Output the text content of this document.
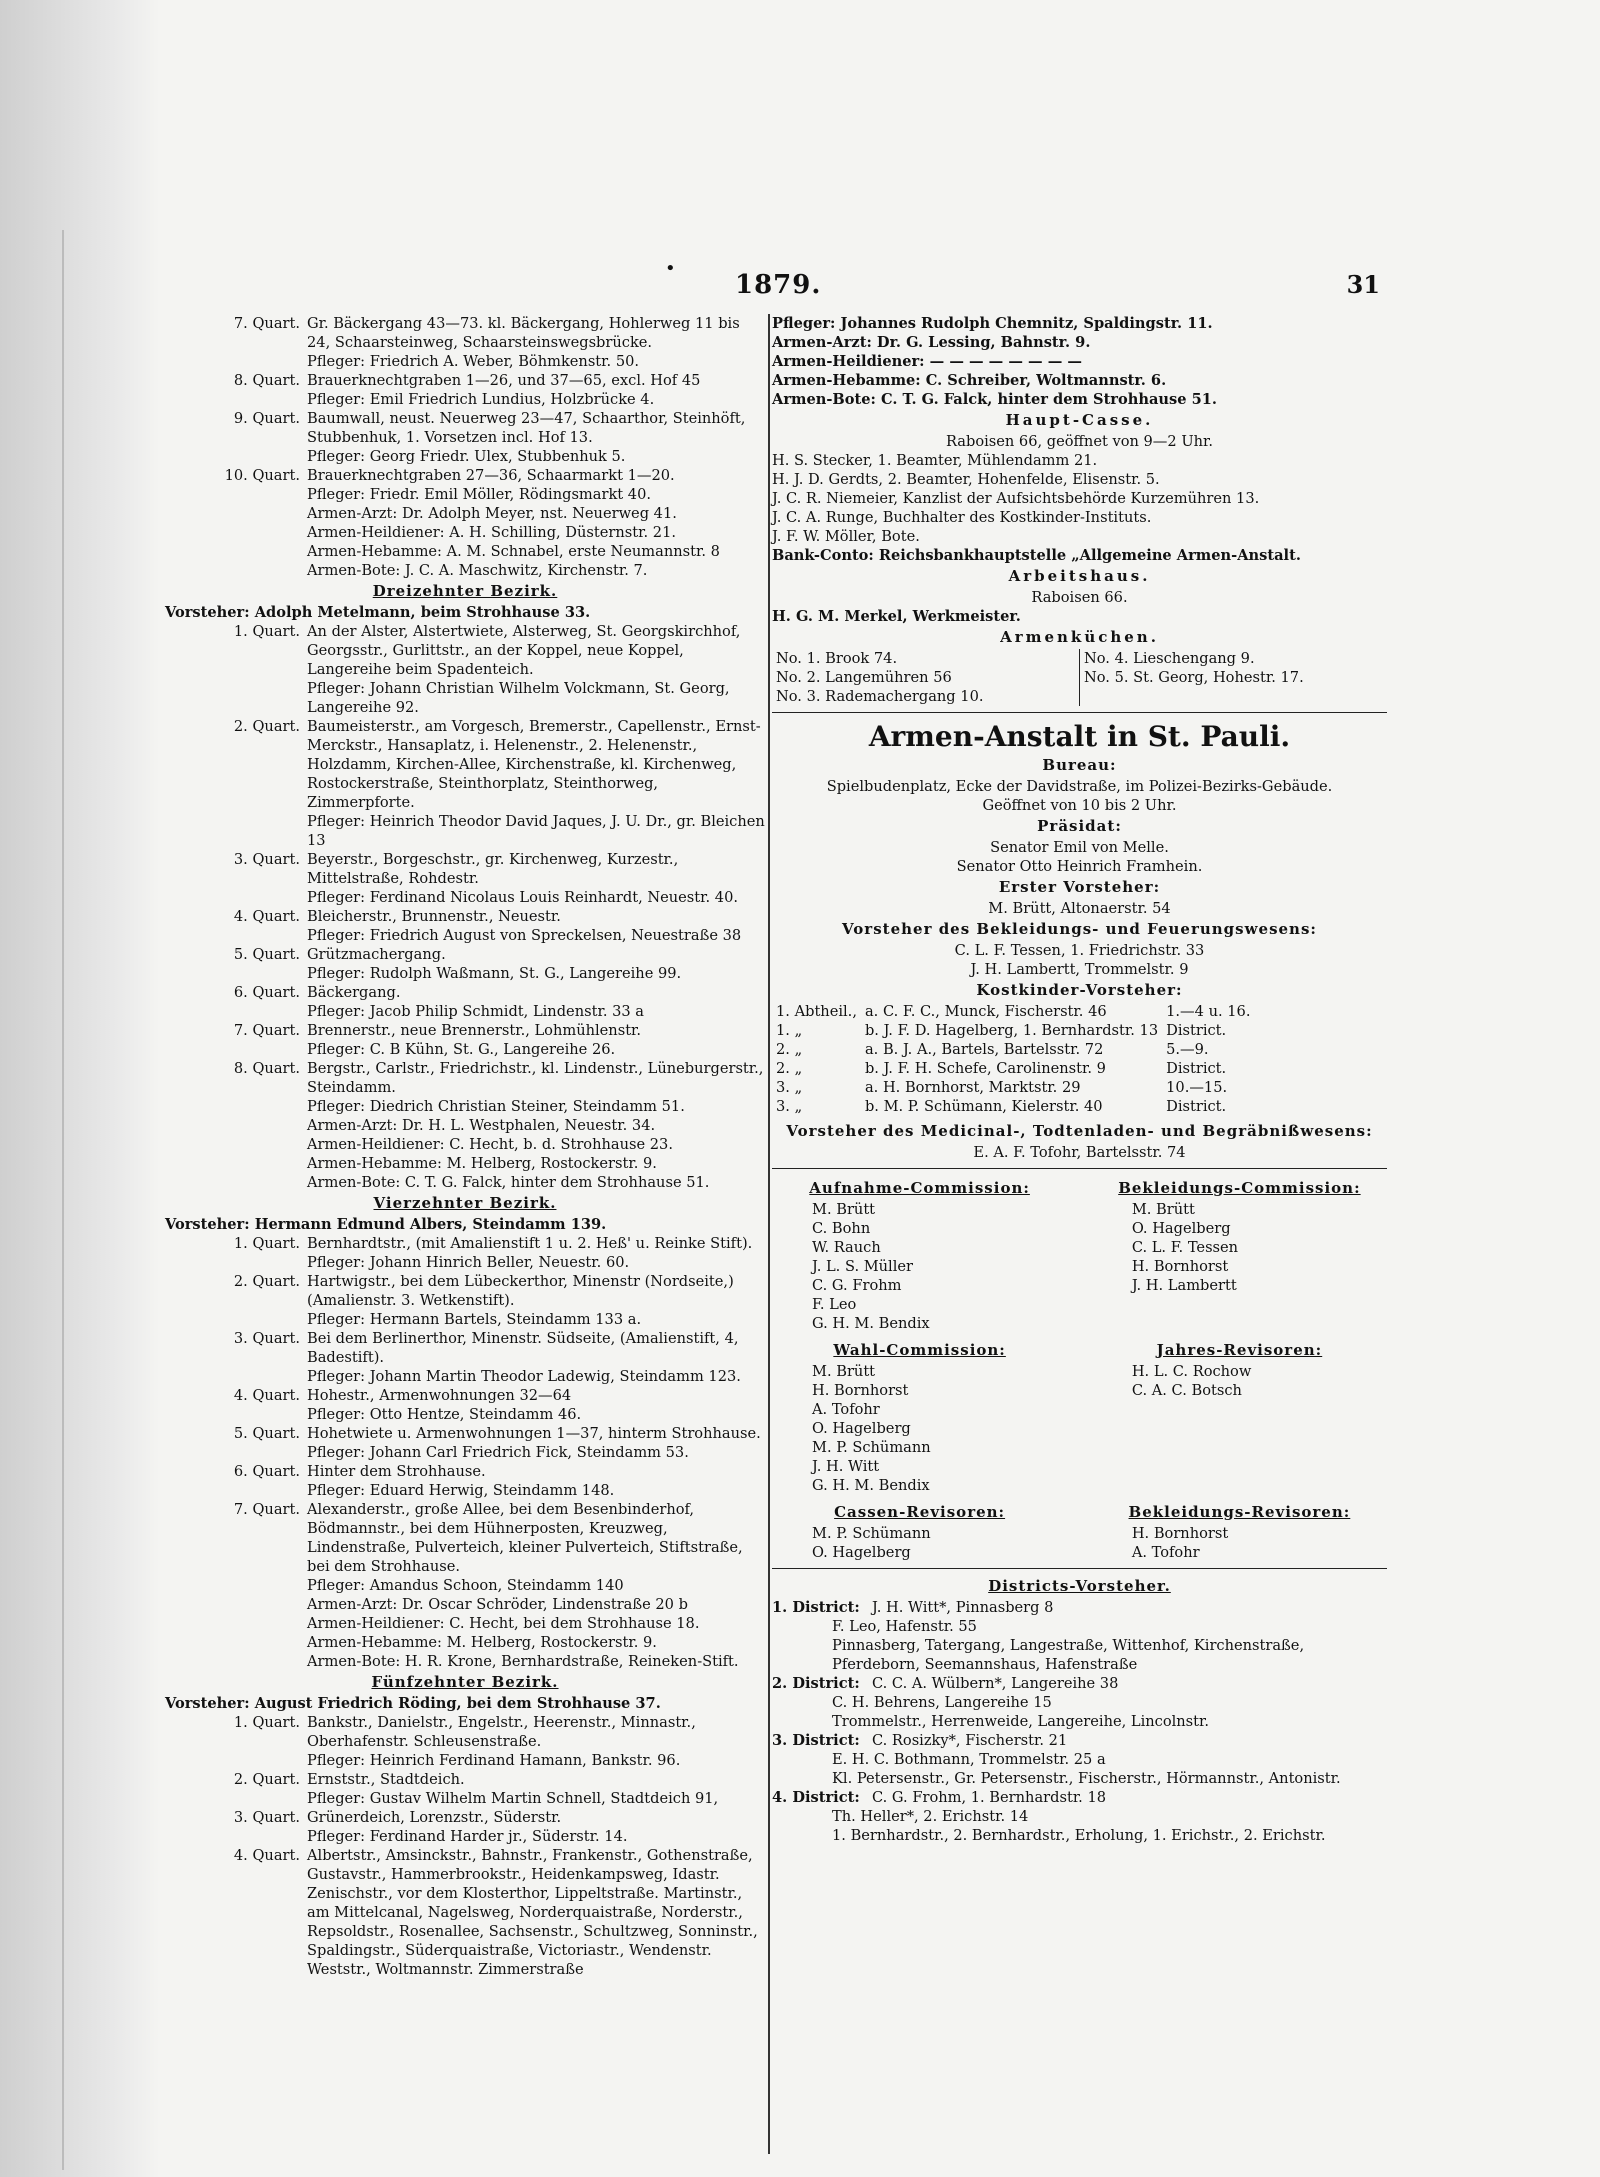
•
1879.	31
7. Quart. Gr. Bäckergang 43—73. kl. Bäckergang, Hohlerweg 11 bis 24, Schaarsteinweg, Schaarsteinswegsbrücke.
Pfleger: Friedrich A. Weber, Böhmkenstr. 50.
8. Quart. Brauerknechtgraben 1—26, und 37—65, excl. Hof 45
Pfleger: Emil Friedrich Lundius, Holzbrücke 4.
9. Quart. Baumwall, neust. Neuerweg 23—47, Schaarthor, Steinhöft, Stubbenhuk, 1. Vorsetzen incl. Hof 13.
Pfleger: Georg Friedr. Ulex, Stubbenhuk 5.
10. Quart. Brauerknechtgraben 27—36, Schaarmarkt 1—20.
Pfleger: Friedr. Emil Möller, Rödingsmarkt 40.
Armen-Arzt: Dr. Adolph Meyer, nst. Neuerweg 41.
Armen-Heildiener: A. H. Schilling, Düsternstr. 21.
Armen-Hebamme: A. M. Schnabel, erste Neumannstr. 8
Armen-Bote: J. C. A. Maschwitz, Kirchenstr. 7.
Dreizehnter Bezirk.
Vorsteher: Adolph Metelmann, beim Strohhause 33.
1. Quart. An der Alster, Alstertwiete, Alsterweg, St. Georgskirchhof, Georgsstr., Gurlittstr., an der Koppel, neue Koppel, Langereihe beim Spadenteich.
Pfleger: Johann Christian Wilhelm Volckmann, St. Georg, Langereihe 92.
2. Quart. Baumeisterstr., am Vorgesch, Bremerstr., Capellenstr., Ernst-Merckstr., Hansaplatz, i. Helenenstr., 2. Helenenstr., Holzdamm, Kirchen-Allee, Kirchenstraße, kl. Kirchenweg, Rostockerstraße, Steinthorplatz, Steinthorweg, Zimmerpforte.
Pfleger: Heinrich Theodor David Jaques, J. U. Dr., gr. Bleichen 13
3. Quart. Beyerstr., Borgeschstr., gr. Kirchenweg, Kurzestr., Mittelstraße, Rohdestr.
Pfleger: Ferdinand Nicolaus Louis Reinhardt, Neuestr. 40.
4. Quart. Bleicherstr., Brunnenstr., Neuestr.
Pfleger: Friedrich August von Spreckelsen, Neuestraße 38
5. Quart. Grützmachergang.
Pfleger: Rudolph Waßmann, St. G., Langereihe 99.
6. Quart. Bäckergang.
Pfleger: Jacob Philip Schmidt, Lindenstr. 33 a
7. Quart. Brennerstr., neue Brennerstr., Lohmühlenstr.
Pfleger: C. B Kühn, St. G., Langereihe 26.
8. Quart. Bergstr., Carlstr., Friedrichstr., kl. Lindenstr., Lüneburgerstr., Steindamm.
Pfleger: Diedrich Christian Steiner, Steindamm 51.
Armen-Arzt: Dr. H. L. Westphalen, Neuestr. 34.
Armen-Heildiener: C. Hecht, b. d. Strohhause 23.
Armen-Hebamme: M. Helberg, Rostockerstr. 9.
Armen-Bote: C. T. G. Falck, hinter dem Strohhause 51.
Vierzehnter Bezirk.
Vorsteher: Hermann Edmund Albers, Steindamm 139.
1. Quart. Bernhardtstr., (mit Amalienstift 1 u. 2. Heß' u. Reinke Stift).
Pfleger: Johann Hinrich Beller, Neuestr. 60.
2. Quart. Hartwigstr., bei dem Lübeckerthor, Minenstr (Nordseite,) (Amalienstr. 3. Wetkenstift).
Pfleger: Hermann Bartels, Steindamm 133 a.
3. Quart. Bei dem Berlinerthor, Minenstr. Südseite, (Amalienstift, 4, Badestift).
Pfleger: Johann Martin Theodor Ladewig, Steindamm 123.
4. Quart. Hohestr., Armenwohnungen 32—64
Pfleger: Otto Hentze, Steindamm 46.
5. Quart. Hohetwiete u. Armenwohnungen 1—37, hinterm Strohhause.
Pfleger: Johann Carl Friedrich Fick, Steindamm 53.
6. Quart. Hinter dem Strohhause.
Pfleger: Eduard Herwig, Steindamm 148.
7. Quart. Alexanderstr., große Allee, bei dem Besenbinderhof, Bödmannstr., bei dem Hühnerposten, Kreuzweg, Lindenstraße, Pulverteich, kleiner Pulverteich, Stiftstraße, bei dem Strohhause.
Pfleger: Amandus Schoon, Steindamm 140
Armen-Arzt: Dr. Oscar Schröder, Lindenstraße 20 b
Armen-Heildiener: C. Hecht, bei dem Strohhause 18.
Armen-Hebamme: M. Helberg, Rostockerstr. 9.
Armen-Bote: H. R. Krone, Bernhardstraße, Reineken-Stift.
Fünfzehnter Bezirk.
Vorsteher: August Friedrich Röding, bei dem Strohhause 37.
1. Quart. Bankstr., Danielstr., Engelstr., Heerenstr., Minnastr., Oberhafenstr. Schleusenstraße.
Pfleger: Heinrich Ferdinand Hamann, Bankstr. 96.
2. Quart. Ernststr., Stadtdeich.
Pfleger: Gustav Wilhelm Martin Schnell, Stadtdeich 91,
3. Quart. Grünerdeich, Lorenzstr., Süderstr.
Pfleger: Ferdinand Harder jr., Süderstr. 14.
4. Quart. Albertstr., Amsinckstr., Bahnstr., Frankenstr., Gothenstraße, Gustavstr., Hammerbrookstr., Heidenkampsweg, Idastr. Zenischstr., vor dem Klosterthor, Lippeltstraße. Martinstr., am Mittelcanal, Nagelsweg, Norderquaistraße, Norderstr., Repsoldstr., Rosenallee, Sachsenstr., Schultzweg, Sonninstr., Spaldingstr., Süderquaistraße, Victoriastr., Wendenstr. Weststr., Woltmannstr. Zimmerstraße
Pfleger: Johannes Rudolph Chemnitz, Spaldingstr. 11.
Armen-Arzt: Dr. G. Lessing, Bahnstr. 9.
Armen-Heildiener: — — — — — — — —
Armen-Hebamme: C. Schreiber, Woltmannstr. 6.
Armen-Bote: C. T. G. Falck, hinter dem Strohhause 51.
Haupt-Casse.
Raboisen 66, geöffnet von 9—2 Uhr.
H. S. Stecker, 1. Beamter, Mühlendamm 21.
H. J. D. Gerdts, 2. Beamter, Hohenfelde, Elisenstr. 5.
J. C. R. Niemeier, Kanzlist der Aufsichtsbehörde Kurzemühren 13.
J. C. A. Runge, Buchhalter des Kostkinder-Instituts.
J. F. W. Möller, Bote.
Bank-Conto: Reichsbankhauptstelle „Allgemeine Armen-Anstalt.
Arbeitshaus.
Raboisen 66.
H. G. M. Merkel, Werkmeister.
Armenküchen.
No. 1. Brook 74.	No. 4. Lieschengang 9.
No. 2. Langemühren 56	No. 5. St. Georg, Hohestr. 17.
No. 3. Rademachergang 10.	
Armen-Anstalt in St. Pauli.
Bureau:
Spielbudenplatz, Ecke der Davidstraße, im Polizei-Bezirks-Gebäude.
Geöffnet von 10 bis 2 Uhr.
Präsidat:
Senator Emil von Melle.
Senator Otto Heinrich Framhein.
Erster Vorsteher:
M. Brütt, Altonaerstr. 54
Vorsteher des Bekleidungs- und Feuerungswesens:
C. L. F. Tessen, 1. Friedrichstr. 33
J. H. Lambertt, Trommelstr. 9
Kostkinder-Vorsteher:
1. Abtheil.,	a. C. F. C., Munck, Fischerstr. 46	1.—4 u. 16.
1. „	b. J. F. D. Hagelberg, 1. Bernhardstr. 13	District.
2. „	a. B. J. A., Bartels, Bartelsstr. 72	5.—9.
2. „	b. J. F. H. Schefe, Carolinenstr. 9	District.
3. „	a. H. Bornhorst, Marktstr. 29	10.—15.
3. „	b. M. P. Schümann, Kielerstr. 40	District.
Vorsteher des Medicinal-, Todtenladen- und Begräbnißwesens:
E. A. F. Tofohr, Bartelsstr. 74
Aufnahme-Commission:
M. Brütt
C. Bohn
W. Rauch
J. L. S. Müller
C. G. Frohm
F. Leo
G. H. M. Bendix
Bekleidungs-Commission:
M. Brütt
O. Hagelberg
C. L. F. Tessen
H. Bornhorst
J. H. Lambertt
Wahl-Commission:
M. Brütt
H. Bornhorst
A. Tofohr
O. Hagelberg
M. P. Schümann
J. H. Witt
G. H. M. Bendix
Jahres-Revisoren:
H. L. C. Rochow
C. A. C. Botsch
Cassen-Revisoren:
M. P. Schümann
O. Hagelberg
Bekleidungs-Revisoren:
H. Bornhorst
A. Tofohr
Districts-Vorsteher.
1. District: J. H. Witt*, Pinnasberg 8
F. Leo, Hafenstr. 55
Pinnasberg, Tatergang, Langestraße, Wittenhof, Kirchenstraße, Pferdeborn, Seemannshaus, Hafenstraße
2. District: C. C. A. Wülbern*, Langereihe 38
C. H. Behrens, Langereihe 15
Trommelstr., Herrenweide, Langereihe, Lincolnstr.
3. District: C. Rosizky*, Fischerstr. 21
E. H. C. Bothmann, Trommelstr. 25 a
Kl. Petersenstr., Gr. Petersenstr., Fischerstr., Hörmannstr., Antonistr.
4. District: C. G. Frohm, 1. Bernhardstr. 18
Th. Heller*, 2. Erichstr. 14
1. Bernhardstr., 2. Bernhardstr., Erholung, 1. Erichstr., 2. Erichstr.
